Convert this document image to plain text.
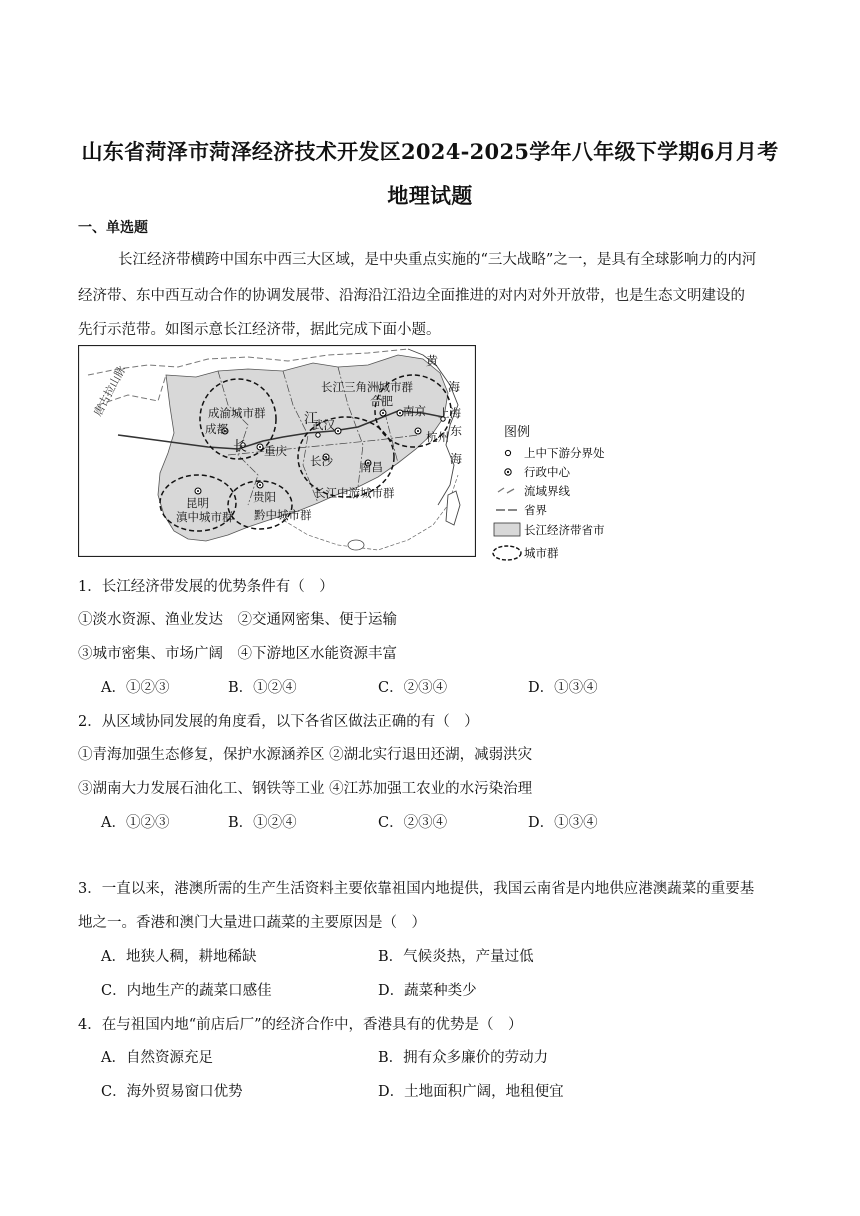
山东省菏泽市菏泽经济技术开发区2024-2025学年八年级下学期6月月考
地理试题
一、单选题
长江经济带横跨中国东中西三大区域，是中央重点实施的“三大战略”之一，是具有全球影响力的内河
经济带、东中西互动合作的协调发展带、沿海沿江沿边全面推进的对内对外开放带，也是生态文明建设的
先行示范带。如图示意长江经济带，据此完成下面小题。
唐古拉山脉	成渝城市群
成都
长 重庆
江
武汉
长江三角洲城市群
合肥
南京 上海
杭州
长沙 南昌
长江中游城市群
昆明
滇中城市群
贵阳
黔中城市群
黄
海
东
海
图例
上中下游分界处
行政中心
流域界线
省界
长江经济带省市
城市群
1．长江经济带发展的优势条件有（　）
①淡水资源、渔业发达　②交通网密集、便于运输
③城市密集、市场广阔　④下游地区水能资源丰富
A．①②③	B．①②④	C．②③④	D．①③④
2．从区域协同发展的角度看，以下各省区做法正确的有（　）
①青海加强生态修复，保护水源涵养区 ②湖北实行退田还湖，减弱洪灾
③湖南大力发展石油化工、钢铁等工业 ④江苏加强工农业的水污染治理
A．①②③	B．①②④	C．②③④	D．①③④
3．一直以来，港澳所需的生产生活资料主要依靠祖国内地提供，我国云南省是内地供应港澳蔬菜的重要基
地之一。香港和澳门大量进口蔬菜的主要原因是（　）
A．地狭人稠，耕地稀缺	B．气候炎热，产量过低
C．内地生产的蔬菜口感佳	D．蔬菜种类少
4．在与祖国内地“前店后厂”的经济合作中，香港具有的优势是（　）
A．自然资源充足	B．拥有众多廉价的劳动力
C．海外贸易窗口优势	D．土地面积广阔，地租便宜
